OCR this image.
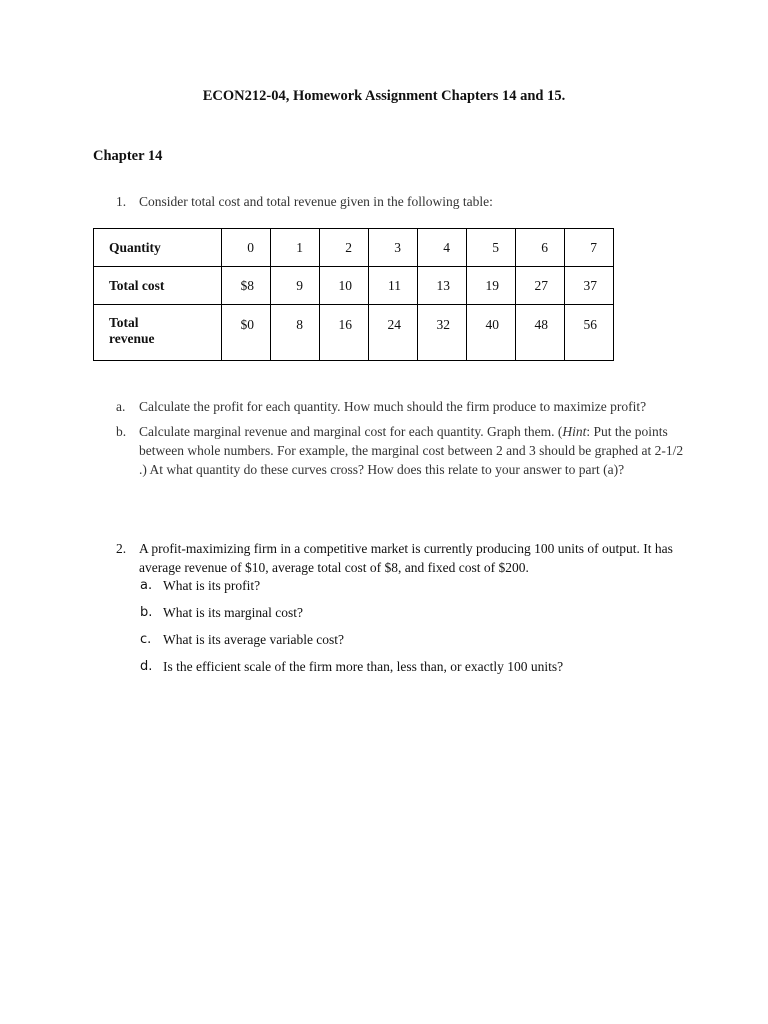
ECON212-04, Homework Assignment Chapters 14 and 15.
Chapter 14
1. Consider total cost and total revenue given in the following table:
Quantity	0	1	2	3	4	5	6	7
Total cost	$8	9	10	11	13	19	27	37
Total
revenue	$0	8	16	24	32	40	48	56
a. Calculate the profit for each quantity. How much should the firm produce to maximize profit?
b. Calculate marginal revenue and marginal cost for each quantity. Graph them. (Hint: Put the points between whole numbers. For example, the marginal cost between 2 and 3 should be graphed at 2-1/2 .) At what quantity do these curves cross? How does this relate to your answer to part (a)?
2. A profit-maximizing firm in a competitive market is currently producing 100 units of output. It has average revenue of $10, average total cost of $8, and fixed cost of $200.
a. What is its profit?
b. What is its marginal cost?
c. What is its average variable cost?
d. Is the efficient scale of the firm more than, less than, or exactly 100 units?
